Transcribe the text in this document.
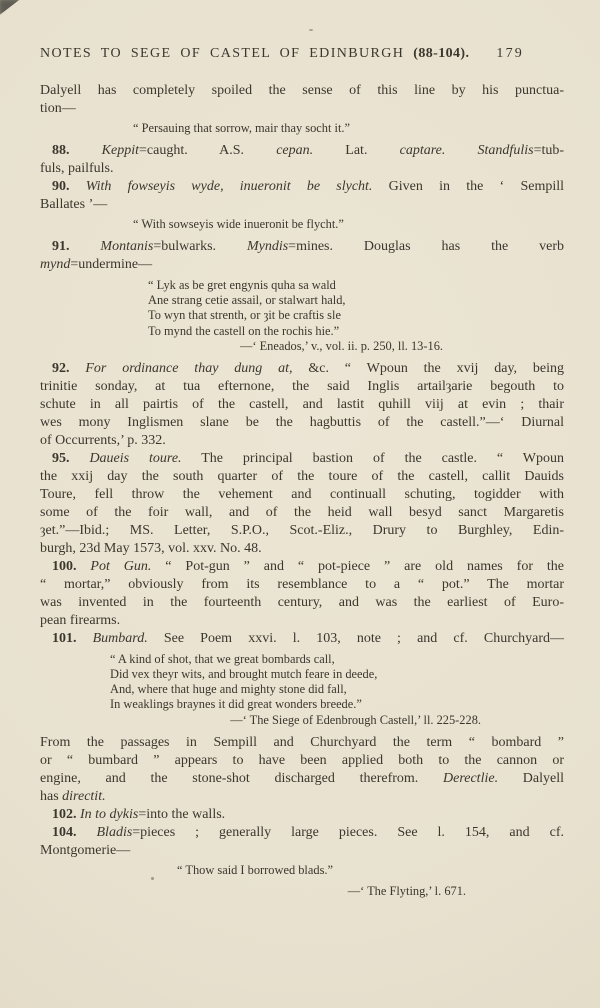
NOTES TO SEGE OF CASTEL OF EDINBURGH (88-104). 179
Dalyell has completely spoiled the sense of this line by his punctua-
tion—
“ Persauing that sorrow, mair thay socht it.”
88. Keppit=caught. A.S. cepan. Lat. captare. Standfulis=tub-
fuls, pailfuls.
90. With fowseyis wyde, inueronit be slycht. Given in the ‘ Sempill
Ballates ’—
“ With sowseyis wide inueronit be flycht.”
91. Montanis=bulwarks. Myndis=mines. Douglas has the verb
mynd=undermine—
“ Lyk as be gret engynis quha sa wald
Ane strang cetie assail, or stalwart hald,
To wyn that strenth, or ȝit be craftis sle
To mynd the castell on the rochis hie.”
—‘ Eneados,’ v., vol. ii. p. 250, ll. 13-16.
92. For ordinance thay dung at, &c. “ Wpoun the xvij day, being
trinitie sonday, at tua efternone, the said Inglis artailȝarie begouth to
schute in all pairtis of the castell, and lastit quhill viij at evin ; thair
wes mony Inglismen slane be the hagbuttis of the castell.”—‘ Diurnal
of Occurrents,’ p. 332.
95. Daueis toure. The principal bastion of the castle. “ Wpoun
the xxij day the south quarter of the toure of the castell, callit Dauids
Toure, fell throw the vehement and continuall schuting, togidder with
some of the foir wall, and of the heid wall besyd sanct Margaretis
ȝet.”—Ibid.; MS. Letter, S.P.O., Scot.-Eliz., Drury to Burghley, Edin-
burgh, 23d May 1573, vol. xxv. No. 48.
100. Pot Gun. “ Pot-gun ” and “ pot-piece ” are old names for the
“ mortar,” obviously from its resemblance to a “ pot.” The mortar
was invented in the fourteenth century, and was the earliest of Euro-
pean firearms.
101. Bumbard. See Poem xxvi. l. 103, note ; and cf. Churchyard—
“ A kind of shot, that we great bombards call,
Did vex theyr wits, and brought mutch feare in deede,
And, where that huge and mighty stone did fall,
In weaklings braynes it did great wonders breede.”
—‘ The Siege of Edenbrough Castell,’ ll. 225-228.
From the passages in Sempill and Churchyard the term “ bombard ”
or “ bumbard ” appears to have been applied both to the cannon or
engine, and the stone-shot discharged therefrom. Derectlie. Dalyell
has directit.
102. In to dykis=into the walls.
104. Bladis=pieces ; generally large pieces. See l. 154, and cf.
Montgomerie—
“ Thow said I borrowed blads.”
—‘ The Flyting,’ l. 671.
